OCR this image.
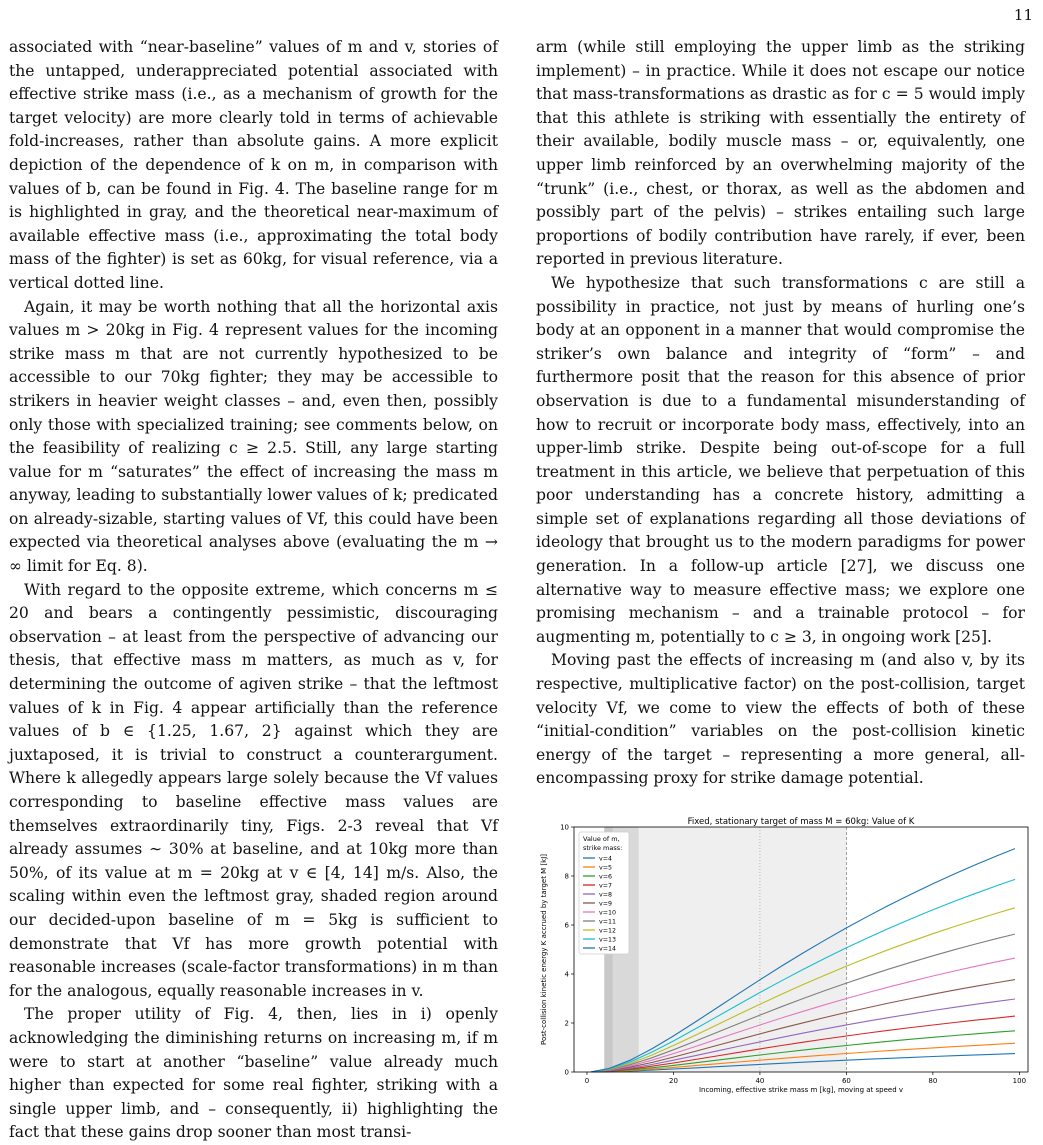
11

associated with “near-baseline” values of m and v, stories of the untapped, underappreciated potential associated with effective strike mass (i.e., as a mechanism of growth for the target velocity) are more clearly told in terms of achievable fold-increases, rather than absolute gains. A more explicit depiction of the dependence of k on m, in comparison with values of b, can be found in Fig. 4. The baseline range for m is highlighted in gray, and the theoretical near-maximum of available effective mass (i.e., approximating the total body mass of the fighter) is set as 60kg, for visual reference, via a vertical dotted line.

Again, it may be worth nothing that all the horizontal axis values m > 20kg in Fig. 4 represent values for the incoming strike mass m that are not currently hypothesized to be accessible to our 70kg fighter; they may be accessible to strikers in heavier weight classes – and, even then, possibly only those with specialized training; see comments below, on the feasibility of realizing c ≥ 2.5. Still, any large starting value for m “saturates” the effect of increasing the mass m anyway, leading to substantially lower values of k; predicated on already-sizable, starting values of Vf, this could have been expected via theoretical analyses above (evaluating the m → ∞ limit for Eq. 8).

With regard to the opposite extreme, which concerns m ≤ 20 and bears a contingently pessimistic, discouraging observation – at least from the perspective of advancing our thesis, that effective mass m matters, as much as v, for determining the outcome of agiven strike – that the leftmost values of k in Fig. 4 appear artificially than the reference values of b ∈ {1.25, 1.67, 2} against which they are juxtaposed, it is trivial to construct a counterargument. Where k allegedly appears large solely because the Vf values corresponding to baseline effective mass values are themselves extraordinarily tiny, Figs. 2-3 reveal that Vf already assumes ∼ 30% at baseline, and at 10kg more than 50%, of its value at m = 20kg at v ∈ [4, 14] m/s. Also, the scaling within even the leftmost gray, shaded region around our decided-upon baseline of m = 5kg is sufficient to demonstrate that Vf has more growth potential with reasonable increases (scale-factor transformations) in m than for the analogous, equally reasonable increases in v.

The proper utility of Fig. 4, then, lies in i) openly acknowledging the diminishing returns on increasing m, if m were to start at another “baseline” value already much higher than expected for some real fighter, striking with a single upper limb, and – consequently, ii) highlighting the fact that these gains drop sooner than most transi-

arm (while still employing the upper limb as the striking implement) – in practice. While it does not escape our notice that mass-transformations as drastic as for c = 5 would imply that this athlete is striking with essentially the entirety of their available, bodily muscle mass – or, equivalently, one upper limb reinforced by an overwhelming majority of the “trunk” (i.e., chest, or thorax, as well as the abdomen and possibly part of the pelvis) – strikes entailing such large proportions of bodily contribution have rarely, if ever, been reported in previous literature.

We hypothesize that such transformations c are still a possibility in practice, not just by means of hurling one’s body at an opponent in a manner that would compromise the striker’s own balance and integrity of “form” – and furthermore posit that the reason for this absence of prior observation is due to a fundamental misunderstanding of how to recruit or incorporate body mass, effectively, into an upper-limb strike. Despite being out-of-scope for a full treatment in this article, we believe that perpetuation of this poor understanding has a concrete history, admitting a simple set of explanations regarding all those deviations of ideology that brought us to the modern paradigms for power generation. In a follow-up article [27], we discuss one alternative way to measure effective mass; we explore one promising mechanism – and a trainable protocol – for augmenting m, potentially to c ≥ 3, in ongoing work [25].

Moving past the effects of increasing m (and also v, by its respective, multiplicative factor) on the post-collision, target velocity Vf, we come to view the effects of both of these “initial-condition” variables on the post-collision kinetic energy of the target – representing a more general, all-encompassing proxy for strike damage potential.

0	20	40	60	80	100
0
2
4
6
8
10
Fixed, stationary target of mass M = 60kg: Value of K
Incoming, effective strike mass m [kg], moving at speed v
Post-collision kinetic energy K accrued by target M [kJ]
Value of m,
strike mass:
v=4
v=5
v=6
v=7
v=8
v=9
v=10
v=11
v=12
v=13
v=14
